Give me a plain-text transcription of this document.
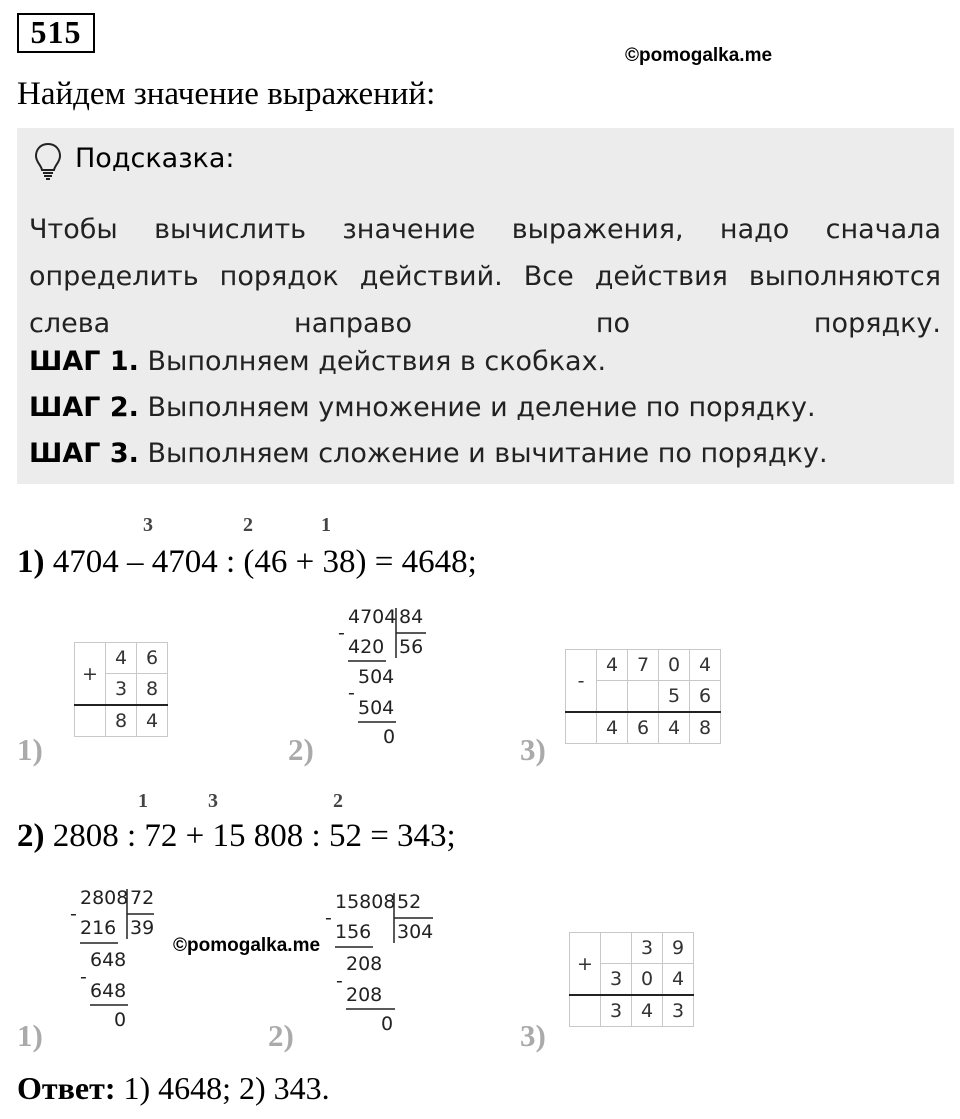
515
©pomogalka.me
Найдем значение выражений:
Подсказка:
Чтобы вычислить значение выражения, надо сначала определить порядок действий. Все действия выполняются слева направо по порядку.
ШАГ 1. Выполняем действия в скобках.
ШАГ 2. Выполняем умножение и деление по порядку.
ШАГ 3. Выполняем сложение и вычитание по порядку.
3	2	1
1) 4704 – 4704 : (46 + 38) = 4648;
1)	2)	3)
+	4	6
	3	8
	8	4
4704 84
-
420 56
504
-
504
0
-	4	7	0	4
			5	6
	4	6	4	8
1	3	2
2) 2808 : 72 + 15 808 : 52 = 343;
1)	2)	3)
©pomogalka.me
2808 72
-
216 39
648
-
648
0
15808 52
-
156 304
208
-
208
0
+		3	9
	3	0	4
	3	4	3
Ответ: 1) 4648; 2) 343.
